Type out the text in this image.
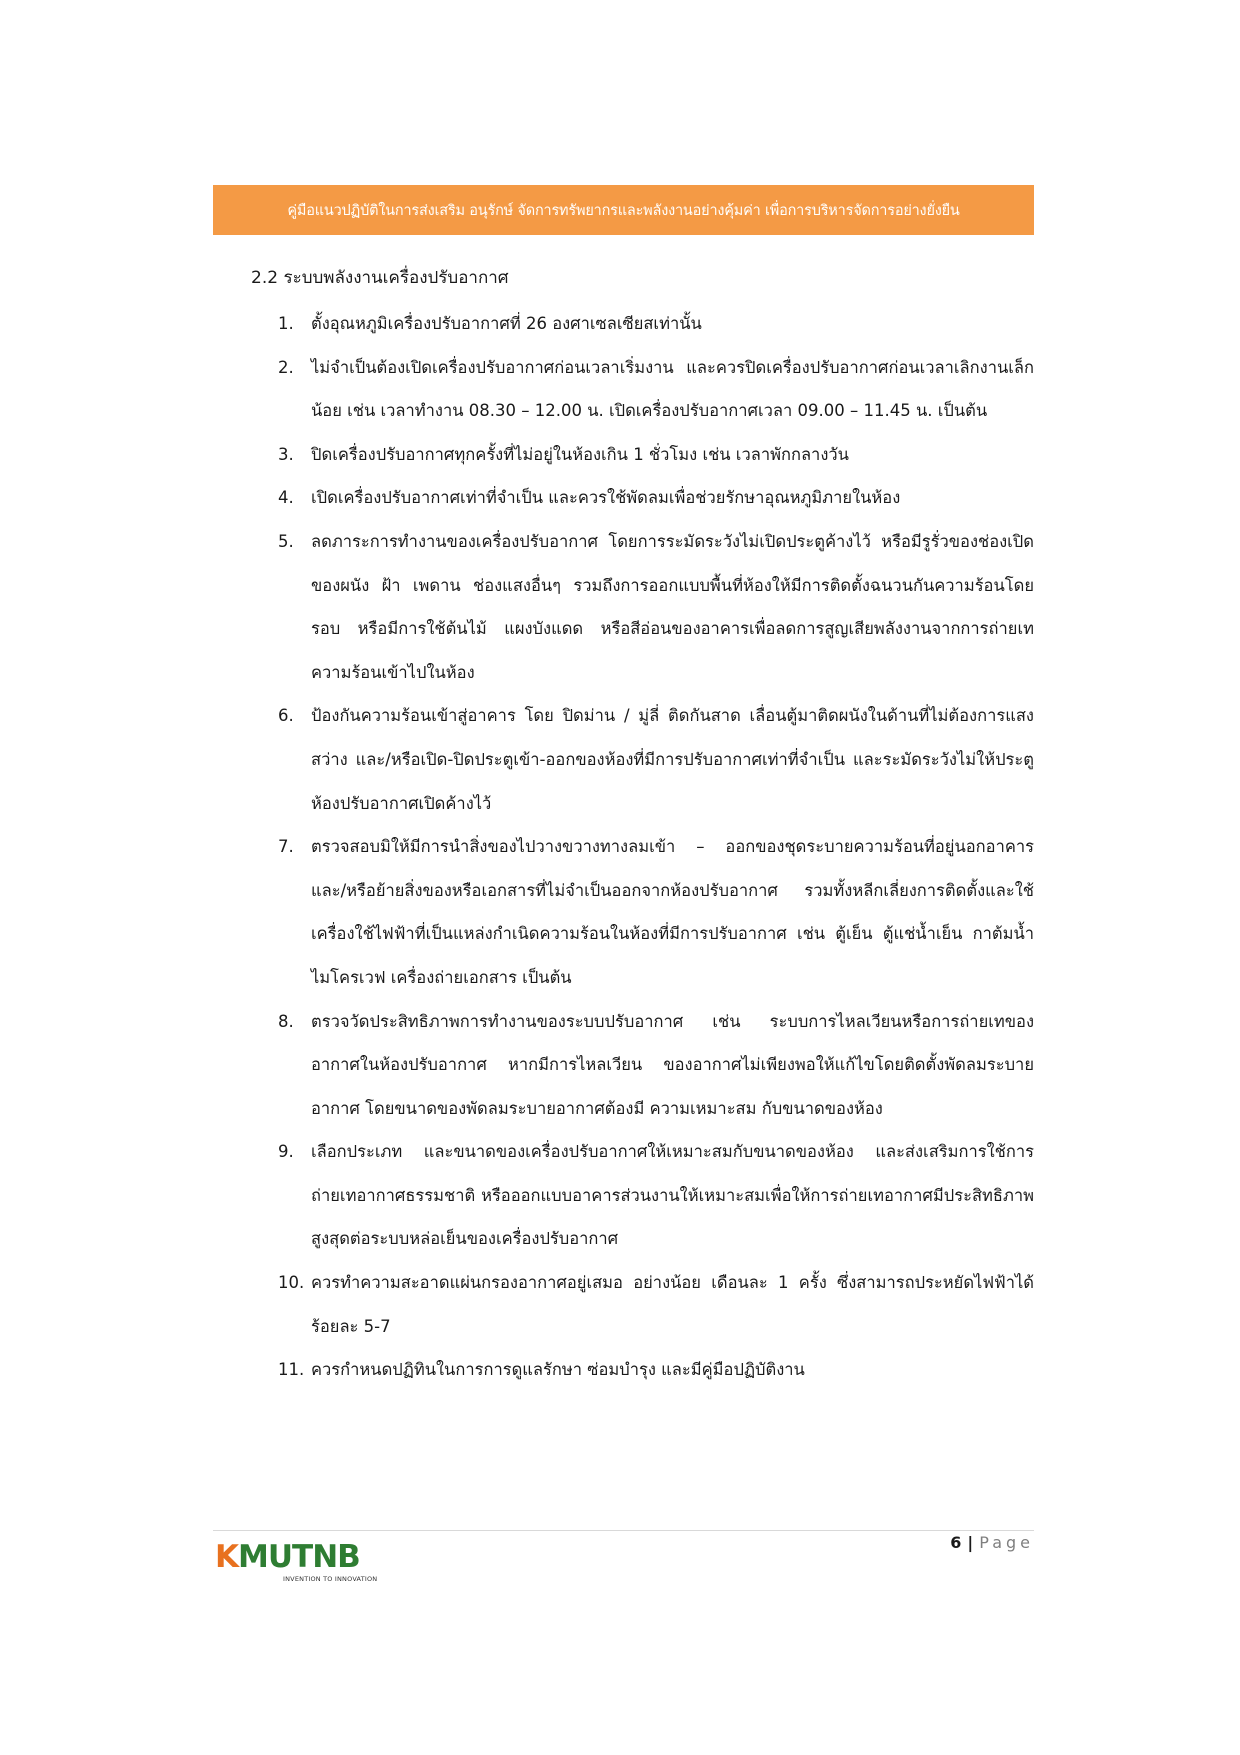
คู่มือแนวปฏิบัติในการส่งเสริม อนุรักษ์ จัดการทรัพยากรและพลังงานอย่างคุ้มค่า เพื่อการบริหารจัดการอย่างยั่งยืน
2.2 ระบบพลังงานเครื่องปรับอากาศ
1. ตั้งอุณหภูมิเครื่องปรับอากาศที่ 26 องศาเซลเซียสเท่านั้น
2. ไม่จำเป็นต้องเปิดเครื่องปรับอากาศก่อนเวลาเริ่มงาน และควรปิดเครื่องปรับอากาศก่อนเวลาเลิกงานเล็กน้อย เช่น เวลาทำงาน 08.30 – 12.00 น. เปิดเครื่องปรับอากาศเวลา 09.00 – 11.45 น. เป็นต้น
3. ปิดเครื่องปรับอากาศทุกครั้งที่ไม่อยู่ในห้องเกิน 1 ชั่วโมง เช่น เวลาพักกลางวัน
4. เปิดเครื่องปรับอากาศเท่าที่จำเป็น และควรใช้พัดลมเพื่อช่วยรักษาอุณหภูมิภายในห้อง
5. ลดภาระการทำงานของเครื่องปรับอากาศ โดยการระมัดระวังไม่เปิดประตูค้างไว้ หรือมีรูรั่วของช่องเปิดของผนัง ฝ้า เพดาน ช่องแสงอื่นๆ รวมถึงการออกแบบพื้นที่ห้องให้มีการติดตั้งฉนวนกันความร้อนโดยรอบ หรือมีการใช้ต้นไม้ แผงบังแดด หรือสีอ่อนของอาคารเพื่อลดการสูญเสียพลังงานจากการถ่ายเทความร้อนเข้าไปในห้อง
6. ป้องกันความร้อนเข้าสู่อาคาร โดย ปิดม่าน / มู่ลี่ ติดกันสาด เลื่อนตู้มาติดผนังในด้านที่ไม่ต้องการแสงสว่าง และ/หรือเปิด-ปิดประตูเข้า-ออกของห้องที่มีการปรับอากาศเท่าที่จำเป็น และระมัดระวังไม่ให้ประตูห้องปรับอากาศเปิดค้างไว้
7. ตรวจสอบมิให้มีการนำสิ่งของไปวางขวางทางลมเข้า – ออกของชุดระบายความร้อนที่อยู่นอกอาคาร และ/หรือย้ายสิ่งของหรือเอกสารที่ไม่จำเป็นออกจากห้องปรับอากาศ รวมทั้งหลีกเลี่ยงการติดตั้งและใช้เครื่องใช้ไฟฟ้าที่เป็นแหล่งกำเนิดความร้อนในห้องที่มีการปรับอากาศ เช่น ตู้เย็น ตู้แช่น้ำเย็น กาต้มน้ำ ไมโครเวฟ เครื่องถ่ายเอกสาร เป็นต้น
8. ตรวจวัดประสิทธิภาพการทำงานของระบบปรับอากาศ เช่น ระบบการไหลเวียนหรือการถ่ายเทของ อากาศในห้องปรับอากาศ หากมีการไหลเวียน ของอากาศไม่เพียงพอให้แก้ไขโดยติดตั้งพัดลมระบายอากาศ โดยขนาดของพัดลมระบายอากาศต้องมี ความเหมาะสม กับขนาดของห้อง
9. เลือกประเภท และขนาดของเครื่องปรับอากาศให้เหมาะสมกับขนาดของห้อง และส่งเสริมการใช้การถ่ายเทอากาศธรรมชาติ หรือออกแบบอาคารส่วนงานให้เหมาะสมเพื่อให้การถ่ายเทอากาศมีประสิทธิภาพสูงสุดต่อระบบหล่อเย็นของเครื่องปรับอากาศ
10. ควรทำความสะอาดแผ่นกรองอากาศอยู่เสมอ อย่างน้อย เดือนละ 1 ครั้ง ซึ่งสามารถประหยัดไฟฟ้าได้ร้อยละ 5-7
11. ควรกำหนดปฏิทินในการการดูแลรักษา ซ่อมบำรุง และมีคู่มือปฏิบัติงาน
KMUTNB
INVENTION TO INNOVATION
6 | Page
